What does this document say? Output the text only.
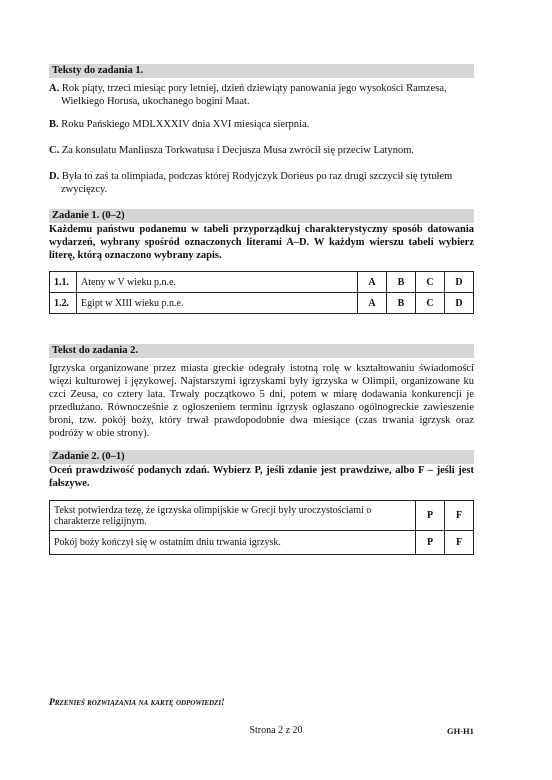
Teksty do zadania 1.

A. Rok piąty, trzeci miesiąc pory letniej, dzień dziewiąty panowania jego wysokości Ramzesa, Wielkiego Horusa, ukochanego bogini Maat.

B. Roku Pańskiego MDLXXXIV dnia XVI miesiąca sierpnia.

C. Za konsulatu Manliusza Torkwatusa i Decjusza Musa zwrócił się przeciw Latynom.

D. Była to zaś ta olimpiada, podczas której Rodyjczyk Dorieus po raz drugi szczycił się tytułem zwycięzcy.

Zadanie 1. (0–2)

Każdemu państwu podanemu w tabeli przyporządkuj charakterystyczny sposób datowania wydarzeń, wybrany spośród oznaczonych literami A–D. W każdym wierszu tabeli wybierz literę, którą oznaczono wybrany zapis.

1.1.	Ateny w V wieku p.n.e.	A	B	C	D
1.2.	Egipt w XIII wieku p.n.e.	A	B	C	D
Tekst do zadania 2.

Igrzyska organizowane przez miasta greckie odegrały istotną rolę w kształtowaniu świadomości więzi kulturowej i językowej. Najstarszymi igrzyskami były igrzyska w Olimpii, organizowane ku czci Zeusa, co cztery lata. Trwały początkowo 5 dni, potem w miarę dodawania konkurencji je przedłużano. Równocześnie z ogłoszeniem terminu igrzysk ogłaszano ogólnogreckie zawieszenie broni, tzw. pokój boży, który trwał prawdopodobnie dwa miesiące (czas trwania igrzysk oraz podróży w obie strony).

Zadanie 2. (0–1)

Oceń prawdziwość podanych zdań. Wybierz P, jeśli zdanie jest prawdziwe, albo F – jeśli jest fałszywe.

Tekst potwierdza tezę, że igrzyska olimpijskie w Grecji były uroczystościami o charakterze religijnym.	P	F
Pokój boży kończył się w ostatnim dniu trwania igrzysk.	P	F
Przenieś rozwiązania na kartę odpowiedzi!
Strona 2 z 20	GH-H1
